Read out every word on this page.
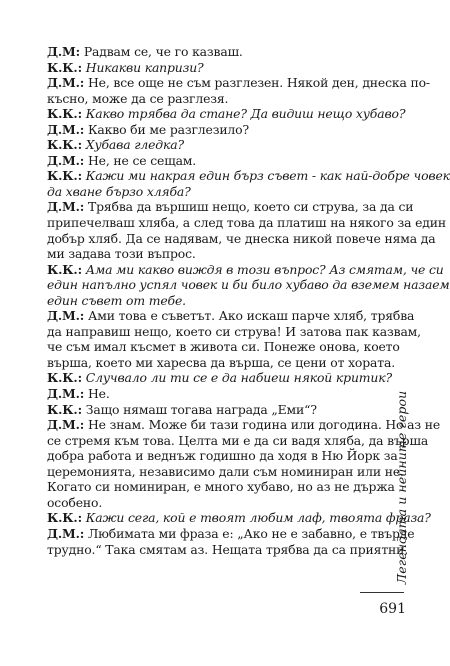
Д.М: Радвам се, че го казваш.
К.К.: Никакви капризи?
Д.М.: Не, все още не съм разглезен. Някой ден, днеска по-
късно, може да се разглезя.
К.К.: Какво трябва да стане? Да видиш нещо хубаво?
Д.М.: Какво би ме разглезило?
К.К.: Хубава гледка?
Д.М.: Не, не се сещам.
К.К.: Кажи ми накрая един бърз съвет - как най-добре човек
да хване бързо хляба?
Д.М.: Трябва да вършиш нещо, което си струва, за да си
припечелваш хляба, а след това да платиш на някого за един
добър хляб. Да се надявам, че днеска никой повече няма да
ми задава този въпрос.
К.К.: Ама ми какво виждя в този въпрос? Аз смятам, че си
един напълно успял човек и би било хубаво да вземем назаем
един съвет от тебе.
Д.М.: Ами това е съветът. Ако искаш парче хляб, трябва
да направиш нещо, което си струва! И затова пак казвам,
че съм имал късмет в живота си. Понеже онова, което
върша, което ми харесва да върша, се цени от хората.
К.К.: Случвало ли ти се е да набиеш някой критик?
Д.М.: Не.
К.К.: Защо нямаш тогава награда „Еми“?
Д.М.: Не знам. Може би тази година или догодина. Но аз не
се стремя към това. Целта ми е да си вадя хляба, да върша
добра работа и веднъж годишно да ходя в Ню Йорк за
церемонията, независимо дали съм номиниран или не.
Когато си номиниран, е много хубаво, но аз не държа
особено.
К.К.: Кажи сега, кой е твоят любим лаф, твоята фраза?
Д.М.: Любимата ми фраза е: „Ако не е забавно, е твърде
трудно.“ Така смятам аз. Нещата трябва да са приятни,
Легендата и нейните герои
691
